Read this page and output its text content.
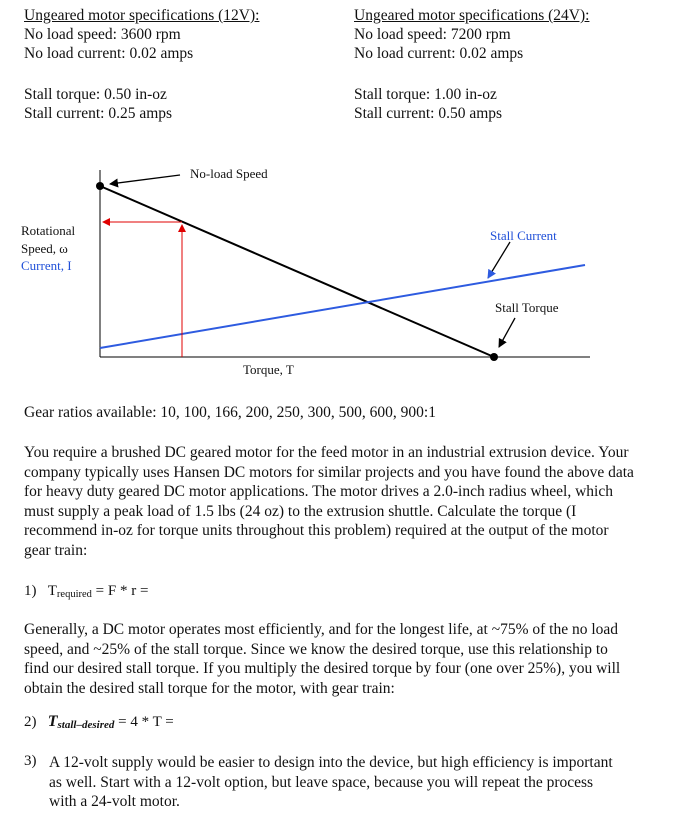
Ungeared motor specifications (12V):
No load speed: 3600 rpm
No load current: 0.02 amps
Stall torque: 0.50 in-oz
Stall current: 0.25 amps
Ungeared motor specifications (24V):
No load speed: 7200 rpm
No load current: 0.02 amps
Stall torque: 1.00 in-oz
Stall current: 0.50 amps
No-load Speed
Rotational
Speed, ω
Current, I
Stall Current
Stall Torque
Torque, T
Gear ratios available: 10, 100, 166, 200, 250, 300, 500, 600, 900:1
You require a brushed DC geared motor for the feed motor in an industrial extrusion device. Your company typically uses Hansen DC motors for similar projects and you have found the above data for heavy duty geared DC motor applications. The motor drives a 2.0-inch radius wheel, which must supply a peak load of 1.5 lbs (24 oz) to the extrusion shuttle. Calculate the torque (I recommend in-oz for torque units throughout this problem) required at the output of the motor gear train:
1) Trequired = F * r =
Generally, a DC motor operates most efficiently, and for the longest life, at ~75% of the no load speed, and ~25% of the stall torque. Since we know the desired torque, use this relationship to find our desired stall torque. If you multiply the desired torque by four (one over 25%), you will obtain the desired stall torque for the motor, with gear train:
2) Tstall–desired = 4 * T =
3) A 12-volt supply would be easier to design into the device, but high efficiency is important as well. Start with a 12-volt option, but leave space, because you will repeat the process with a 24-volt motor.
